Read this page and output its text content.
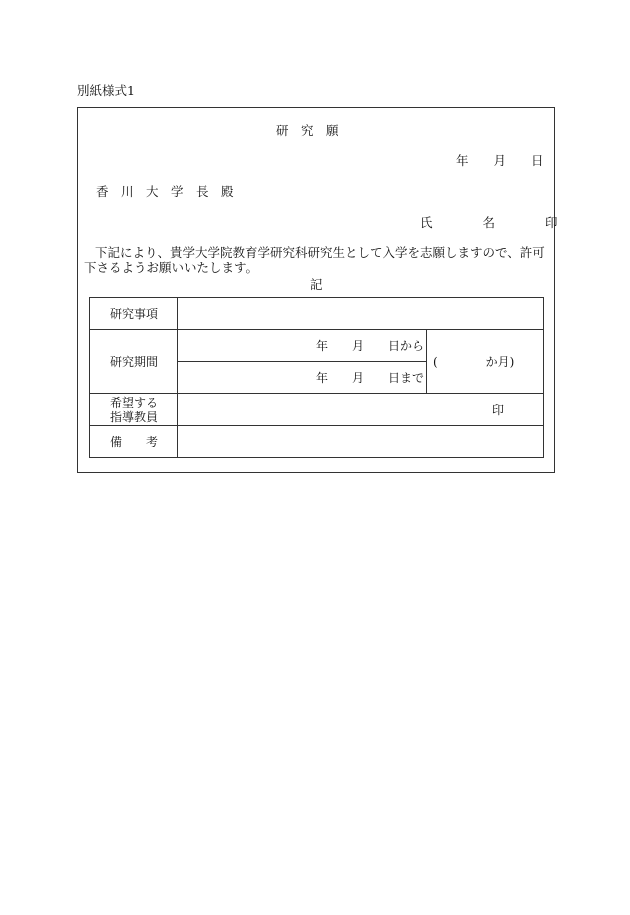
別紙様式1
研　究　願
年　　月　　日
香　川　大　学　長　殿
氏　　　　名　　　　印
下記により、貴学大学院教育学研究科研究生として入学を志願しますので、許可下さるようお願いいたします。
記
研究事項
研究期間
希望する
指導教員
備　　考
年　　月　　日から
年　　月　　日まで
(　　　　か月)
印
